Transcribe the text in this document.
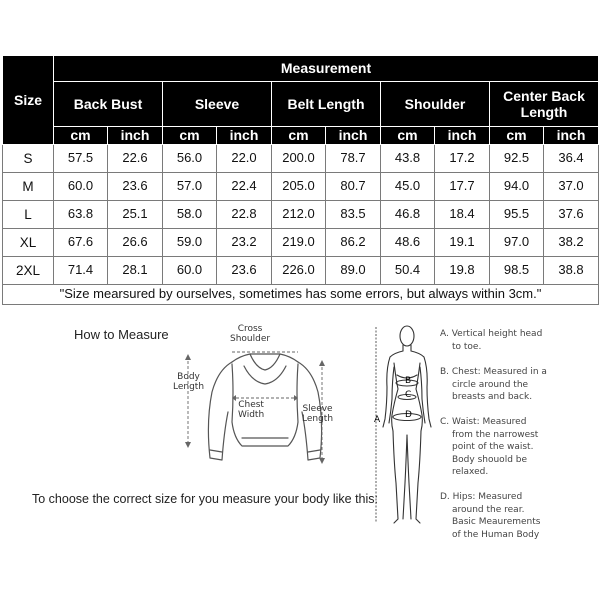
Size	Measurement									
	Back Bust		Sleeve		Belt Length		Shoulder		Center Back Length	
	cm	inch	cm	inch	cm	inch	cm	inch	cm	inch
S	57.5	22.6	56.0	22.0	200.0	78.7	43.8	17.2	92.5	36.4
M	60.0	23.6	57.0	22.4	205.0	80.7	45.0	17.7	94.0	37.0
L	63.8	25.1	58.0	22.8	212.0	83.5	46.8	18.4	95.5	37.6
XL	67.6	26.6	59.0	23.2	219.0	86.2	48.6	19.1	97.0	38.2
2XL	71.4	28.1	60.0	23.6	226.0	89.0	50.4	19.8	98.5	38.8
"Size mearsured by ourselves, sometimes has some errors, but always within 3cm."										
How to Measure	Cross
Shoulder
Body
Length
Chest
Width
Sleeve
Length
To choose the correct size for you measure your body like this:
B
C
D
A
A. Vertical height head
to toe.
B. Chest: Measured in a
circle around the
breasts and back.
C. Waist: Measured
from the narrowest
point of the waist.
Body shouold be
relaxed.
D. Hips: Measured
around the rear.
Basic Meaurements
of the Human Body
